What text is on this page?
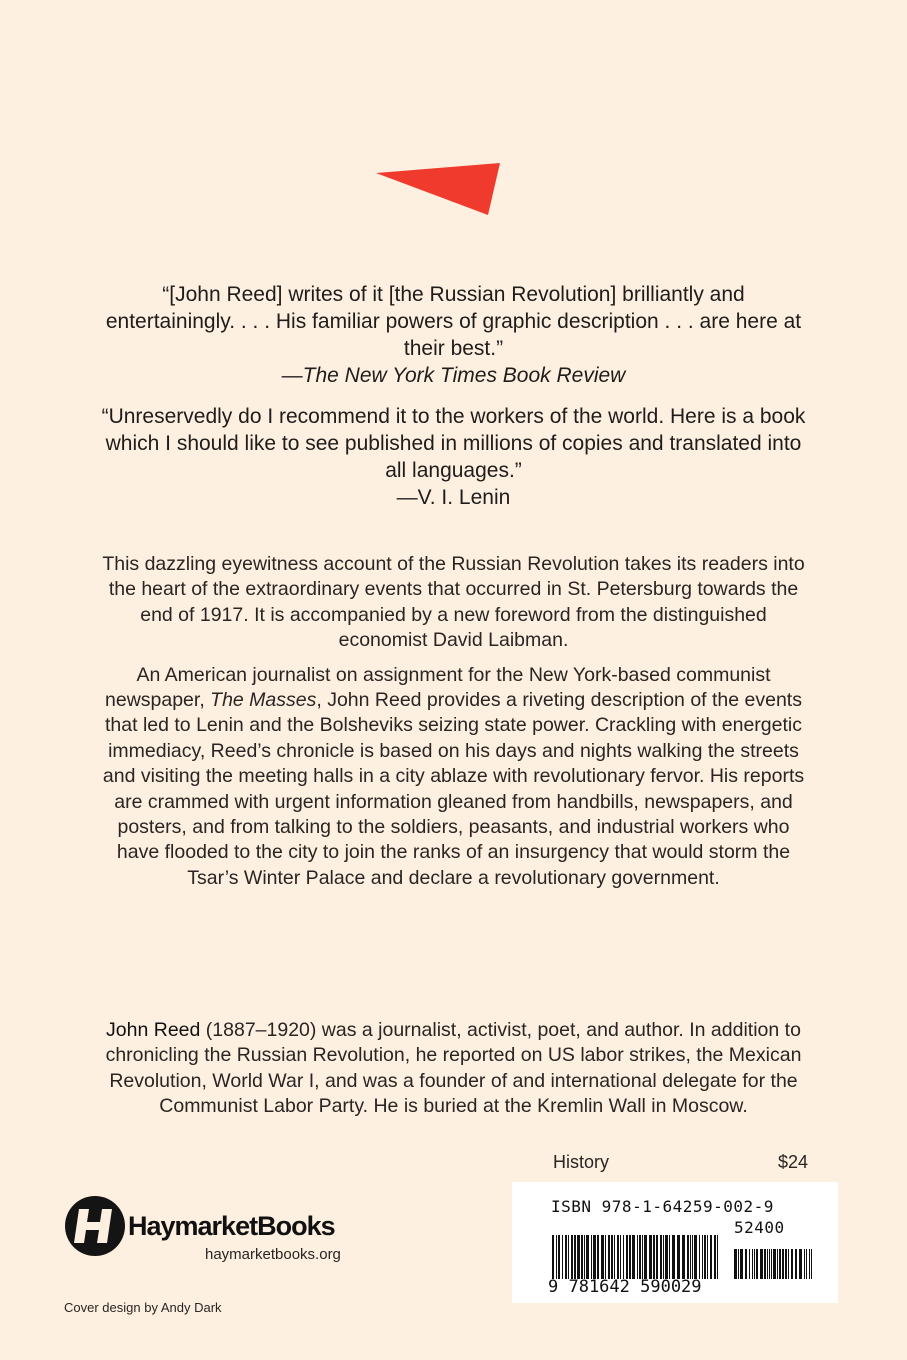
“[John Reed] writes of it [the Russian Revolution] brilliantly and entertainingly. . . . His familiar powers of graphic description . . . are here at their best.”
—The New York Times Book Review

“Unreservedly do I recommend it to the workers of the world. Here is a book which I should like to see published in millions of copies and translated into all languages.”
—V. I. Lenin

This dazzling eyewitness account of the Russian Revolution takes its readers into the heart of the extraordinary events that occurred in St. Petersburg towards the end of 1917. It is accompanied by a new foreword from the distinguished economist David Laibman.

An American journalist on assignment for the New York-based communist newspaper, The Masses, John Reed provides a riveting description of the events that led to Lenin and the Bolsheviks seizing state power. Crackling with energetic immediacy, Reed’s chronicle is based on his days and nights walking the streets and visiting the meeting halls in a city ablaze with revolutionary fervor. His reports are crammed with urgent information gleaned from handbills, newspapers, and posters, and from talking to the soldiers, peasants, and industrial workers who have flooded to the city to join the ranks of an insurgency that would storm the Tsar’s Winter Palace and declare a revolutionary government.

John Reed (1887–1920) was a journalist, activist, poet, and author. In addition to chronicling the Russian Revolution, he reported on US labor strikes, the Mexican Revolution, World War I, and was a founder of and international delegate for the Communist Labor Party. He is buried at the Kremlin Wall in Moscow.

History	$24
ISBN 978-1-64259-002-9
52400
9 781642 590029
HaymarketBooks
haymarketbooks.org
Cover design by Andy Dark
